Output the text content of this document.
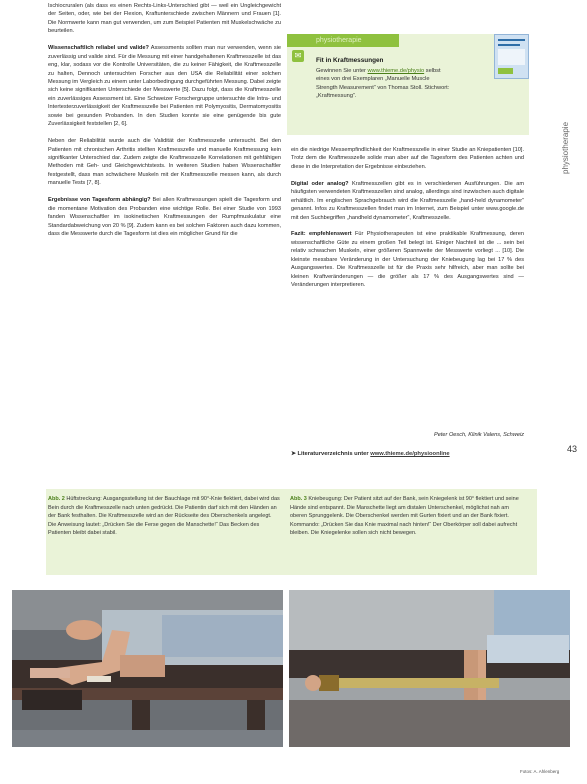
Ischiocruralen (als dass es einen Rechts-Links-Unterschied gibt — weil ein Ungleichgewicht der Seiten, oder, wie bei der Flexion, Kraftunterschiede zwischen Männern und Frauen [1]. Die Normwerte kann man gut verwenden, um zum Beispiel Patienten mit Muskelschwäche zu beurteilen.

Wissenschaftlich reliabel und valide? Assessments sollten man nur verwenden, wenn sie zuverlässig und valide sind. Für die Messung mit einer handgehaltenen Kraftmesszelle ist das eng, klar, sodass vor die Kontrolle Universitäten, die zu keiner Fähigkeit, die Kraftmesszelle zu halten, Dennoch untersuchten Forscher aus den USA die Reliabilität einer solchen Messung im Vergleich zu einem unter Laborbedingung durchgeführten Messung. Dabei zeigte sich keine signifikanten Unterschiede der Messwerte [5]. Dazu folgt, dass die Kraftmesszelle ein zuverlässiges Assessment ist. Eine Schweizer Forschergruppe untersuchte die Intra- und Intertesterzuverlässigkeit der Kraftmesszelle bei Patienten mit Polymyositis, Dermatomyositis sowie bei gesunden Probanden. In den Studien konnte sie eine genügende bis gute Zuverlässigkeit feststellen [2, 6].

Neben der Reliabilität wurde auch die Validität der Kraftmesszelle untersucht. Bei den Patienten mit chronischen Arthritis stellten Kraftmesszelle und manuelle Kraftmessung kein signifikanter Unterschied dar. Zudem zeigte die Kraftmesszelle Korrelationen mit gehfähigen Methoden mit Geh- und Gleichgewichtstests. In weiteren Studien haben Wissenschaftler festgestellt, dass man schwächere Muskeln mit der Kraftmesszelle messen kann, als durch manuelle Tests [7, 8].

Ergebnisse von Tagesform abhängig? Bei allen Kraftmessungen spielt die Tagesform und die momentane Motivation des Probanden eine wichtige Rolle. Bei einer Studie von 1993 fanden Wissenschaftler im isokinetischen Kraftmessungen der Rumpfmuskulatur eine Standardabweichung von 20 % [9]. Zudem kann es bei solchen Faktoren auch dazu kommen, dass die Messwerte durch die Tagesform ist dies ein möglicher Grund für die

physiotherapie
✉
Fit in Kraftmessungen
Gewinnen Sie unter www.thieme.de/physio selbst eines von drei Exemplaren „Manuelle Muscle Strength Measurement“ von Thomas Stoll. Stichwort: „Kraftmessung“.
physiotherapie

ein die niedrige Messempfindlichkeit der Kraftmesszelle in einer Studie an Kniepatienten [10]. Trotz dem die Kraftmesszelle solide man aber auf die Tagesform des Patienten achten und diese in die Interpretation der Ergebnisse einbeziehen.

Digital oder analog? Kraftmesszellen gibt es in verschiedenen Ausführungen. Die am häufigsten verwendeten Kraftmesszellen sind analog, allerdings sind inzwischen auch digitale erhältlich. Im englischen Sprachgebrauch wird die Kraftmesszelle „hand-held dynamometer“ genannt. Infos zu Kraftmesszellen findet man im Internet, zum Beispiel unter www.google.de mit den Suchbegriffen „handheld dynamometer“, Kraftmesszelle.

Fazit: empfehlenswert Für Physiotherapeuten ist eine praktikable Kraftmessung, deren wissenschaftliche Güte zu einem großen Teil belegt ist. Einiger Nachteil ist die ... sein bei relativ schwachen Muskeln, einer größeren Spannweite der Messwerte vorliegt ... [10]. Die kleinste messbare Veränderung in der Untersuchung der Kniebeugung lag bei 17 % des Ausgangswertes. Die Kraftmesszelle ist für die Praxis sehr hilfreich, aber man sollte bei kleinen Kraftveränderungen — die größer als 17 % des Ausgangswertes sind — Veränderungen interpretieren.

Peter Oesch, Klinik Valens, Schweiz
➤ Literaturverzeichnis unter www.thieme.de/physioonline	43
Abb. 2 Hüftstreckung: Ausgangsstellung ist der Bauchlage mit 90°-Knie flektiert, dabei wird das Bein durch die Kraftmesszelle nach unten gedrückt. Die Patientin darf sich mit den Händen an der Bank festhalten. Die Kraftmesszelle wird an der Rückseite des Oberschenkels angelegt. Die Anweisung lautet: „Drücken Sie die Ferse gegen die Manschette!“ Das Becken des Patienten bleibt dabei stabil.
Abb. 3 Kniebeugung: Der Patient sitzt auf der Bank, sein Kniegelenk ist 90° flektiert und seine Hände sind entspannt. Die Manschette liegt am distalen Unterschenkel, möglichst nah am oberen Sprunggelenk. Die Oberschenkel werden mit Gurten fixiert und an der Bank fixiert. Kommando: „Drücken Sie das Knie maximal nach hinten!“ Der Oberkörper soll dabei aufrecht bleiben. Die Kniegelenke sollen sich nicht bewegen.
Fotos: A. Ahlenberg
